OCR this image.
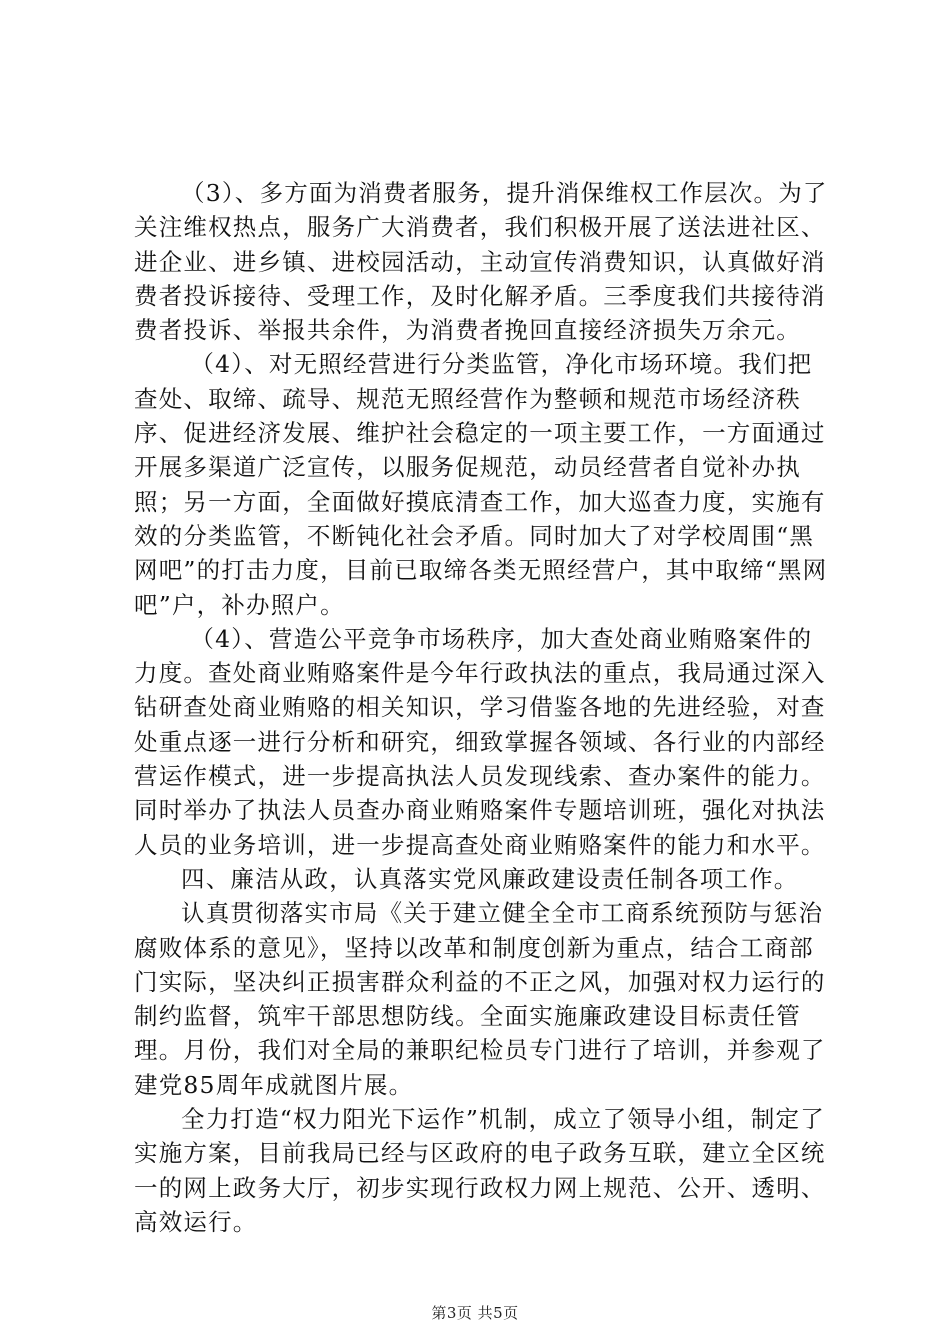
（3）、多方面为消费者服务，提升消保维权工作层次。为了关注维权热点，服务广大消费者，我们积极开展了送法进社区、进企业、进乡镇、进校园活动，主动宣传消费知识，认真做好消费者投诉接待、受理工作，及时化解矛盾。三季度我们共接待消费者投诉、举报共余件，为消费者挽回直接经济损失万余元。

（4）、对无照经营进行分类监管，净化市场环境。我们把查处、取缔、疏导、规范无照经营作为整顿和规范市场经济秩序、促进经济发展、维护社会稳定的一项主要工作，一方面通过开展多渠道广泛宣传，以服务促规范，动员经营者自觉补办执照；另一方面，全面做好摸底清查工作，加大巡查力度，实施有效的分类监管，不断钝化社会矛盾。同时加大了对学校周围“黑网吧”的打击力度，目前已取缔各类无照经营户，其中取缔“黑网吧”户，补办照户。

（4）、营造公平竞争市场秩序，加大查处商业贿赂案件的力度。查处商业贿赂案件是今年行政执法的重点，我局通过深入钻研查处商业贿赂的相关知识，学习借鉴各地的先进经验，对查处重点逐一进行分析和研究，细致掌握各领域、各行业的内部经营运作模式，进一步提高执法人员发现线索、查办案件的能力。同时举办了执法人员查办商业贿赂案件专题培训班，强化对执法人员的业务培训，进一步提高查处商业贿赂案件的能力和水平。

四、廉洁从政，认真落实党风廉政建设责任制各项工作。

认真贯彻落实市局《关于建立健全全市工商系统预防与惩治腐败体系的意见》，坚持以改革和制度创新为重点，结合工商部门实际，坚决纠正损害群众利益的不正之风，加强对权力运行的制约监督，筑牢干部思想防线。全面实施廉政建设目标责任管理。月份，我们对全局的兼职纪检员专门进行了培训，并参观了建党85周年成就图片展。

全力打造“权力阳光下运作”机制，成立了领导小组，制定了实施方案，目前我局已经与区政府的电子政务互联，建立全区统一的网上政务大厅，初步实现行政权力网上规范、公开、透明、高效运行。

第3页 共5页
